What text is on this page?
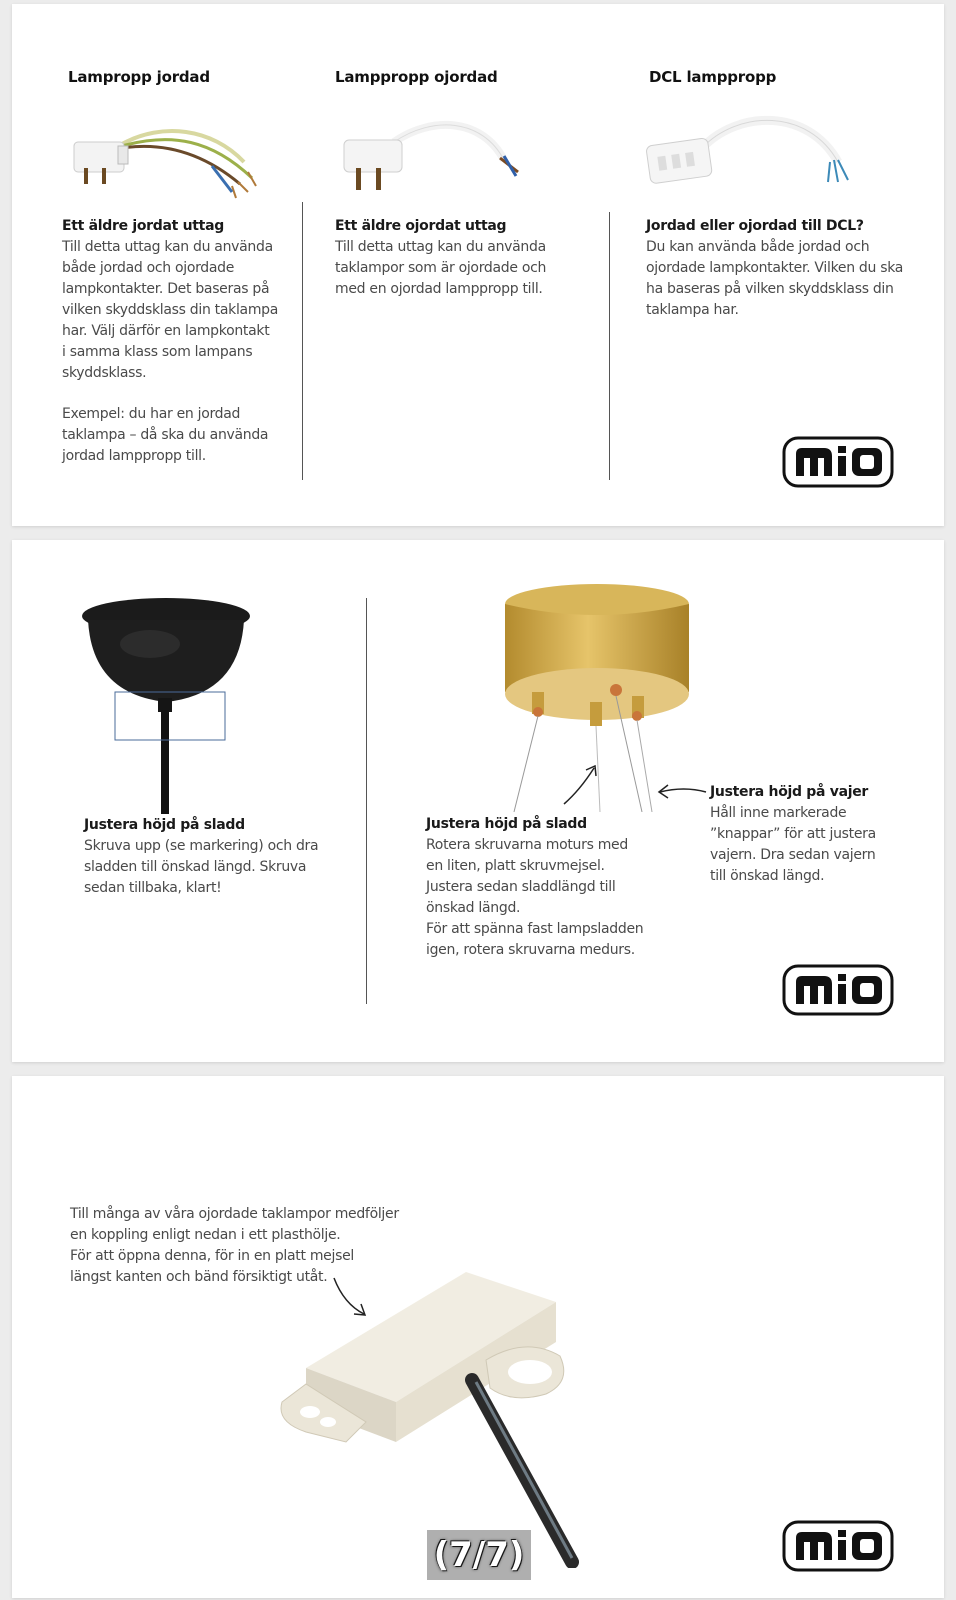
Lampropp jordad	Lamppropp ojordad	DCL lamppropp
Ett äldre jordat uttag
Till detta uttag kan du använda
både jordad och ojordade
lampkontakter. Det baseras på
vilken skyddsklass din taklampa
har. Välj därför en lampkontakt
i samma klass som lampans
skyddsklass.
Exempel: du har en jordad
taklampa – då ska du använda
jordad lamppropp till.
Ett äldre ojordat uttag
Till detta uttag kan du använda
taklampor som är ojordade och
med en ojordad lamppropp till.
Jordad eller ojordad till DCL?
Du kan använda både jordad och
ojordade lampkontakter. Vilken du ska
ha baseras på vilken skyddsklass din
taklampa har.
Justera höjd på sladd
Skruva upp (se markering) och dra
sladden till önskad längd. Skruva
sedan tillbaka, klart!
Justera höjd på sladd
Rotera skruvarna moturs med
en liten, platt skruvmejsel.
Justera sedan sladdlängd till
önskad längd.
För att spänna fast lampsladden
igen, rotera skruvarna medurs.
Justera höjd på vajer
Håll inne markerade
”knappar” för att justera
vajern. Dra sedan vajern
till önskad längd.
Till många av våra ojordade taklampor medföljer
en koppling enligt nedan i ett plasthölje.
För att öppna denna, för in en platt mejsel
längst kanten och bänd försiktigt utåt.
(7/7)
